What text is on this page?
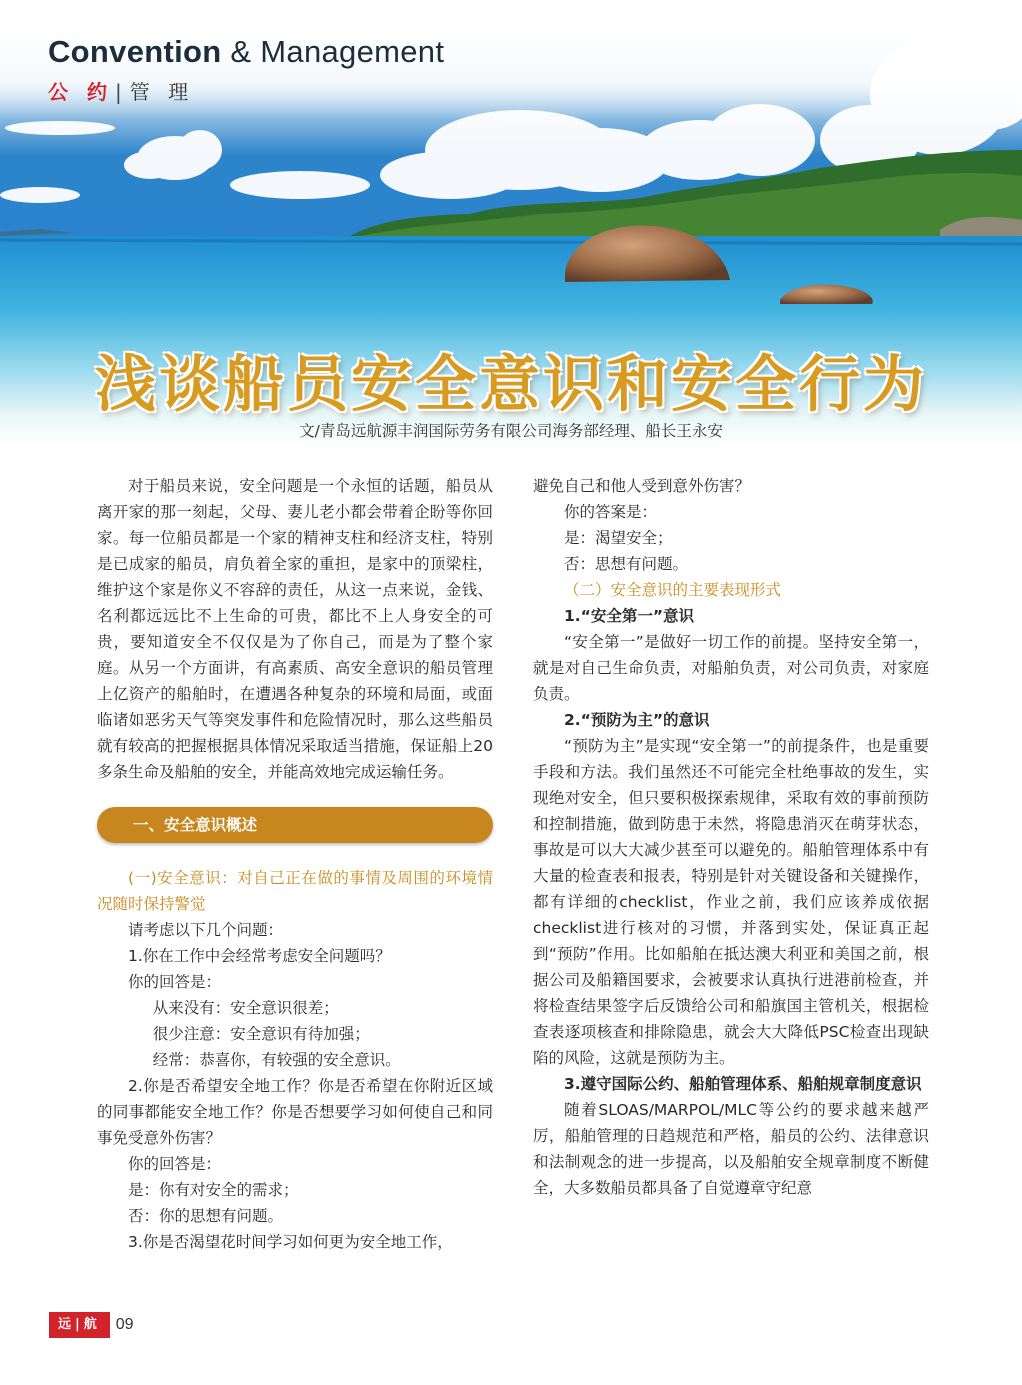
Convention & Management
公 约 | 管 理
浅谈船员安全意识和安全行为
文/青岛远航源丰润国际劳务有限公司海务部经理、船长王永安

对于船员来说，安全问题是一个永恒的话题，船员从离开家的那一刻起，父母、妻儿老小都会带着企盼等你回家。每一位船员都是一个家的精神支柱和经济支柱，特别是已成家的船员，肩负着全家的重担，是家中的顶梁柱，维护这个家是你义不容辞的责任，从这一点来说，金钱、名利都远远比不上生命的可贵，都比不上人身安全的可贵，要知道安全不仅仅是为了你自己，而是为了整个家庭。从另一个方面讲，有高素质、高安全意识的船员管理上亿资产的船舶时，在遭遇各种复杂的环境和局面，或面临诸如恶劣天气等突发事件和危险情况时，那么这些船员就有较高的把握根据具体情况采取适当措施，保证船上20多条生命及船舶的安全，并能高效地完成运输任务。

一、安全意识概述

(一)安全意识：对自己正在做的事情及周围的环境情况随时保持警觉

请考虑以下几个问题：

1.你在工作中会经常考虑安全问题吗？

你的回答是：

从来没有：安全意识很差；

很少注意：安全意识有待加强；

经常：恭喜你，有较强的安全意识。

2.你是否希望安全地工作？你是否希望在你附近区域的同事都能安全地工作？你是否想要学习如何使自己和同事免受意外伤害？

你的回答是：

是：你有对安全的需求；

否：你的思想有问题。

3.你是否渴望花时间学习如何更为安全地工作，

避免自己和他人受到意外伤害？

你的答案是：

是：渴望安全；

否：思想有问题。

（二）安全意识的主要表现形式

1.“安全第一”意识

“安全第一”是做好一切工作的前提。坚持安全第一，就是对自己生命负责，对船舶负责，对公司负责，对家庭负责。

2.“预防为主”的意识

“预防为主”是实现“安全第一”的前提条件，也是重要手段和方法。我们虽然还不可能完全杜绝事故的发生，实现绝对安全，但只要积极探索规律，采取有效的事前预防和控制措施，做到防患于未然，将隐患消灭在萌芽状态，事故是可以大大减少甚至可以避免的。船舶管理体系中有大量的检查表和报表，特别是针对关键设备和关键操作，都有详细的checklist，作业之前，我们应该养成依据checklist进行核对的习惯，并落到实处，保证真正起到“预防”作用。比如船舶在抵达澳大利亚和美国之前，根据公司及船籍国要求，会被要求认真执行进港前检查，并将检查结果签字后反馈给公司和船旗国主管机关，根据检查表逐项核查和排除隐患，就会大大降低PSC检查出现缺陷的风险，这就是预防为主。

3.遵守国际公约、船舶管理体系、船舶规章制度意识

随着SLOAS/MARPOL/MLC等公约的要求越来越严厉，船舶管理的日趋规范和严格，船员的公约、法律意识和法制观念的进一步提高，以及船舶安全规章制度不断健全，大多数船员都具备了自觉遵章守纪意

远|航 09
